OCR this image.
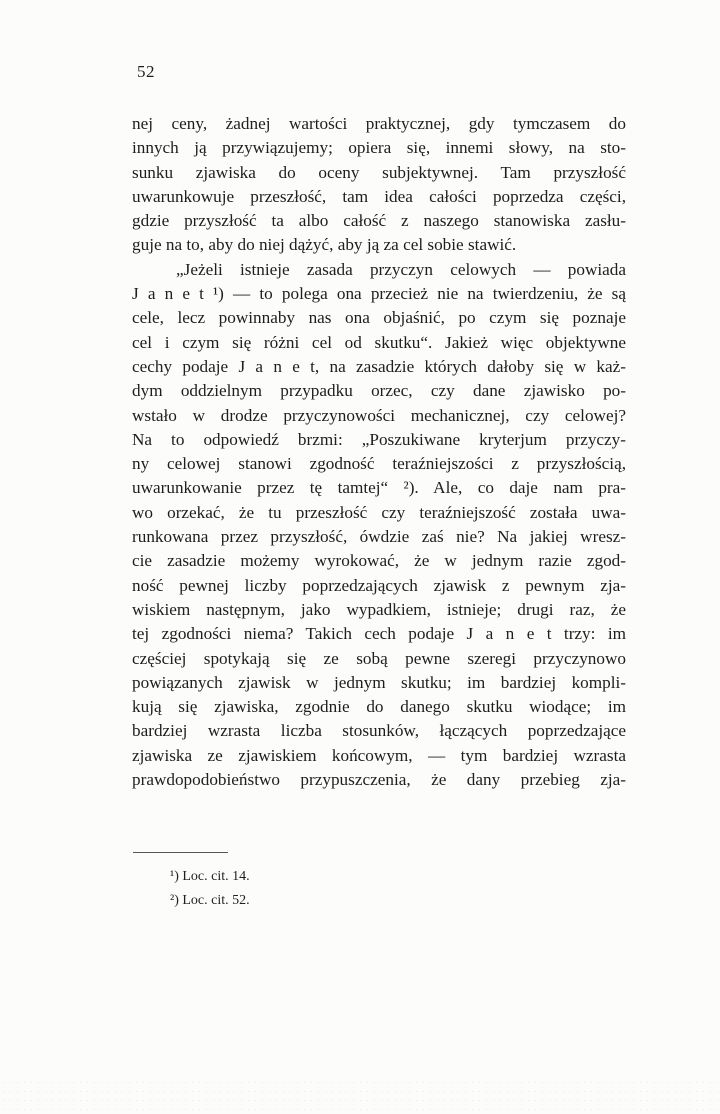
52
nej ceny, żadnej wartości praktycznej, gdy tymczasem do
innych ją przywiązujemy; opiera się, innemi słowy, na sto-
sunku zjawiska do oceny subjektywnej. Tam przyszłość
uwarunkowuje przeszłość, tam idea całości poprzedza części,
gdzie przyszłość ta albo całość z naszego stanowiska zasłu-
guje na to, aby do niej dążyć, aby ją za cel sobie stawić.
„Jeżeli istnieje zasada przyczyn celowych — powiada
J a n e t ¹) — to polega ona przecież nie na twierdzeniu, że są
cele, lecz powinnaby nas ona objaśnić, po czym się poznaje
cel i czym się różni cel od skutku“. Jakież więc objektywne
cechy podaje J a n e t, na zasadzie których dałoby się w każ-
dym oddzielnym przypadku orzec, czy dane zjawisko po-
wstało w drodze przyczynowości mechanicznej, czy celowej?
Na to odpowiedź brzmi: „Poszukiwane kryterjum przyczy-
ny celowej stanowi zgodność teraźniejszości z przyszłością,
uwarunkowanie przez tę tamtej“ ²). Ale, co daje nam pra-
wo orzekać, że tu przeszłość czy teraźniejszość została uwa-
runkowana przez przyszłość, ówdzie zaś nie? Na jakiej wresz-
cie zasadzie możemy wyrokować, że w jednym razie zgod-
ność pewnej liczby poprzedzających zjawisk z pewnym zja-
wiskiem następnym, jako wypadkiem, istnieje; drugi raz, że
tej zgodności niema? Takich cech podaje J a n e t trzy: im
częściej spotykają się ze sobą pewne szeregi przyczynowo
powiązanych zjawisk w jednym skutku; im bardziej kompli-
kują się zjawiska, zgodnie do danego skutku wiodące; im
bardziej wzrasta liczba stosunków, łączących poprzedzające
zjawiska ze zjawiskiem końcowym, — tym bardziej wzrasta
prawdopodobieństwo przypuszczenia, że dany przebieg zja-
¹) Loc. cit. 14.
²) Loc. cit. 52.
